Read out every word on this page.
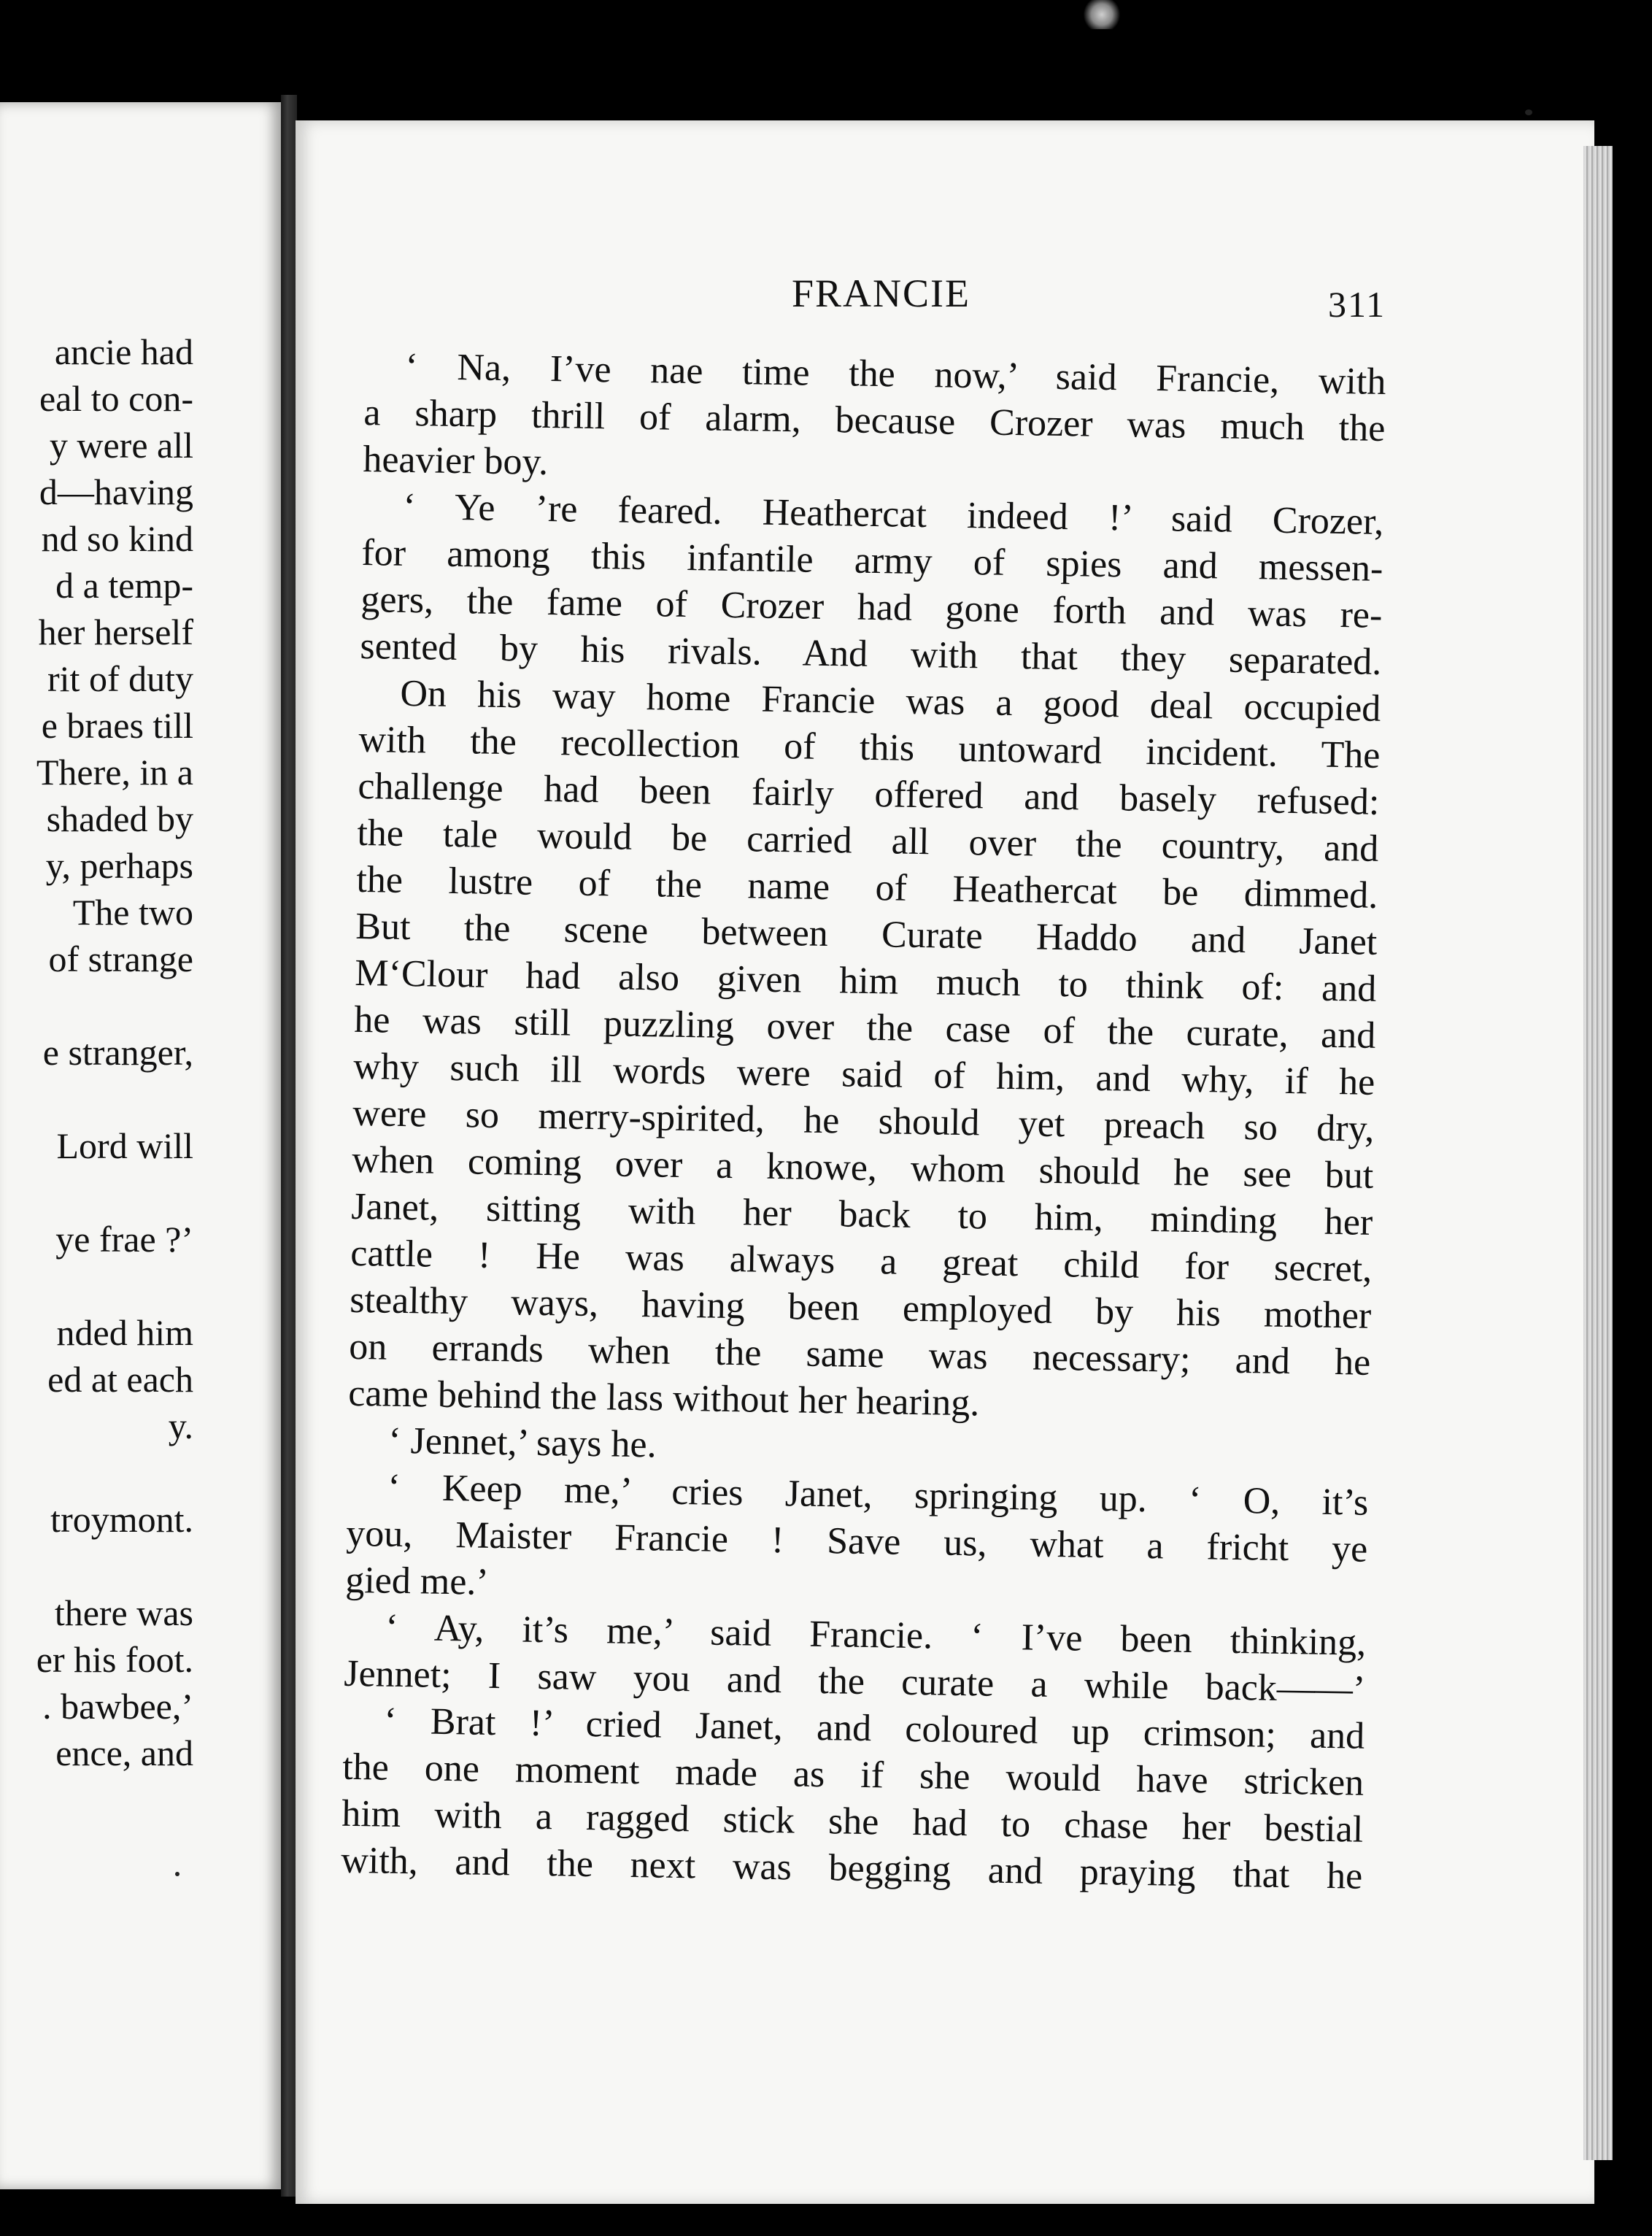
ancie had
eal to con-
y were all
d—having
nd so kind
d a temp-
her herself
rit of duty
e braes till
There, in a
shaded by
y, perhaps
The two
of strange
e stranger,
Lord will
ye frae ?’
nded him
ed at each
y.
troymont.
there was
er his foot.
. bawbee,’
ence, and
FRANCIE	311
‘ Na, I’ve nae time the now,’ said Francie, with
a sharp thrill of alarm, because Crozer was much the
heavier boy.
‘ Ye ’re feared. Heathercat indeed !’ said Crozer,
for among this infantile army of spies and messen-
gers, the fame of Crozer had gone forth and was re-
sented by his rivals. And with that they separated.
On his way home Francie was a good deal occupied
with the recollection of this untoward incident. The
challenge had been fairly offered and basely refused:
the tale would be carried all over the country, and
the lustre of the name of Heathercat be dimmed.
But the scene between Curate Haddo and Janet
M‘Clour had also given him much to think of: and
he was still puzzling over the case of the curate, and
why such ill words were said of him, and why, if he
were so merry-spirited, he should yet preach so dry,
when coming over a knowe, whom should he see but
Janet, sitting with her back to him, minding her
cattle ! He was always a great child for secret,
stealthy ways, having been employed by his mother
on errands when the same was necessary; and he
came behind the lass without her hearing.
‘ Jennet,’ says he.
‘ Keep me,’ cries Janet, springing up. ‘ O, it’s
you, Maister Francie ! Save us, what a fricht ye
gied me.’
‘ Ay, it’s me,’ said Francie. ‘ I’ve been thinking,
Jennet; I saw you and the curate a while back——’
‘ Brat !’ cried Janet, and coloured up crimson; and
the one moment made as if she would have stricken
him with a ragged stick she had to chase her bestial
with, and the next was begging and praying that he
